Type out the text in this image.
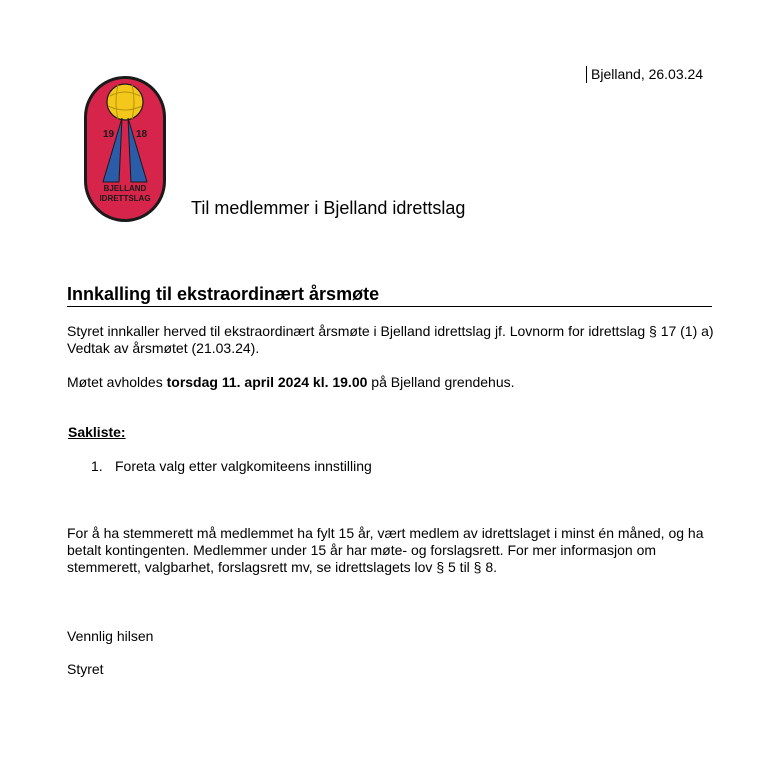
Bjelland, 26.03.24
19 18
BJELLAND
IDRETTSLAG Til medlemmer i Bjelland idrettslag
Innkalling til ekstraordinært årsmøte
Styret innkaller herved til ekstraordinært årsmøte i Bjelland idrettslag jf. Lovnorm for idrettslag § 17 (1) a) Vedtak av årsmøtet (21.03.24).
Møtet avholdes torsdag 11. april 2024 kl. 19.00 på Bjelland grendehus.
Sakliste:
1. Foreta valg etter valgkomiteens innstilling
For å ha stemmerett må medlemmet ha fylt 15 år, vært medlem av idrettslaget i minst én måned, og ha betalt kontingenten. Medlemmer under 15 år har møte- og forslagsrett. For mer informasjon om stemmerett, valgbarhet, forslagsrett mv, se idrettslagets lov § 5 til § 8.
Vennlig hilsen
Styret
